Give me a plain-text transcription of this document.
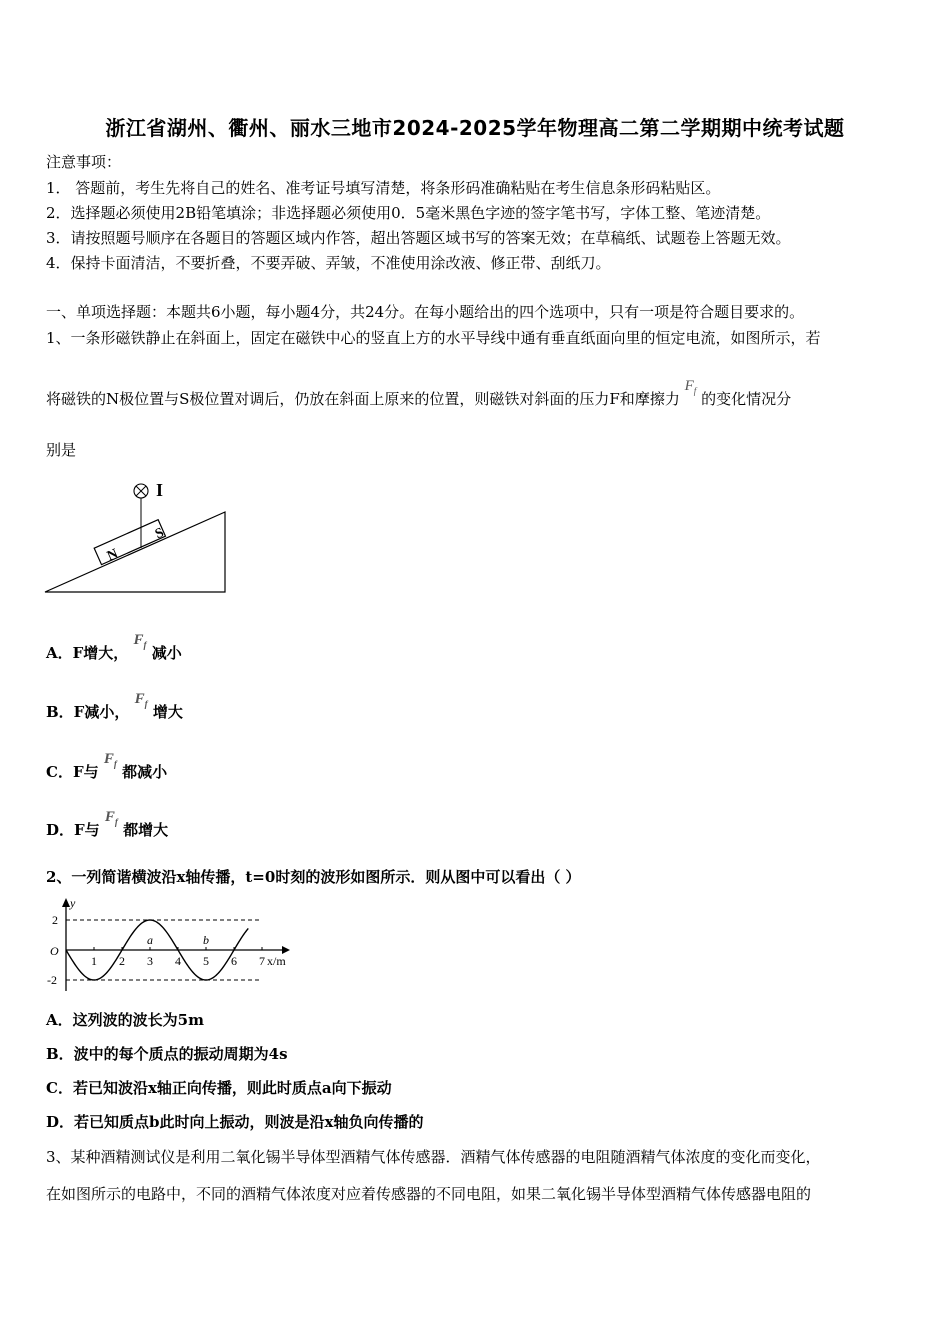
浙江省湖州、衢州、丽水三地市2024-2025学年物理高二第二学期期中统考试题
注意事项：
1． 答题前，考生先将自己的姓名、准考证号填写清楚，将条形码准确粘贴在考生信息条形码粘贴区。
2．选择题必须使用2B铅笔填涂；非选择题必须使用0．5毫米黑色字迹的签字笔书写，字体工整、笔迹清楚。
3．请按照题号顺序在各题目的答题区域内作答，超出答题区域书写的答案无效；在草稿纸、试题卷上答题无效。
4．保持卡面清洁，不要折叠，不要弄破、弄皱，不准使用涂改液、修正带、刮纸刀。
一、单项选择题：本题共6小题，每小题4分，共24分。在每小题给出的四个选项中，只有一项是符合题目要求的。
1、一条形磁铁静止在斜面上，固定在磁铁中心的竖直上方的水平导线中通有垂直纸面向里的恒定电流，如图所示，若
将磁铁的N极位置与S极位置对调后，仍放在斜面上原来的位置，则磁铁对斜面的压力F和摩擦力 $F_f$ 的变化情况分
别是
I
N
S
A．F增大， $F_f$ 减小
B．F减小， $F_f$ 增大
C．F与 $F_f$ 都减小
D．F与 $F_f$ 都增大
2、一列简谐横波沿x轴传播，t=0时刻的波形如图所示．则从图中可以看出（ ）
y
O
2
-2
1 2 3 4 5 6 7
a	b
x/m
A．这列波的波长为5m
B．波中的每个质点的振动周期为4s
C．若已知波沿x轴正向传播，则此时质点a向下振动
D．若已知质点b此时向上振动，则波是沿x轴负向传播的
3、某种酒精测试仪是利用二氧化锡半导体型酒精气体传感器．酒精气体传感器的电阻随酒精气体浓度的变化而变化，
在如图所示的电路中，不同的酒精气体浓度对应着传感器的不同电阻，如果二氧化锡半导体型酒精气体传感器电阻的
